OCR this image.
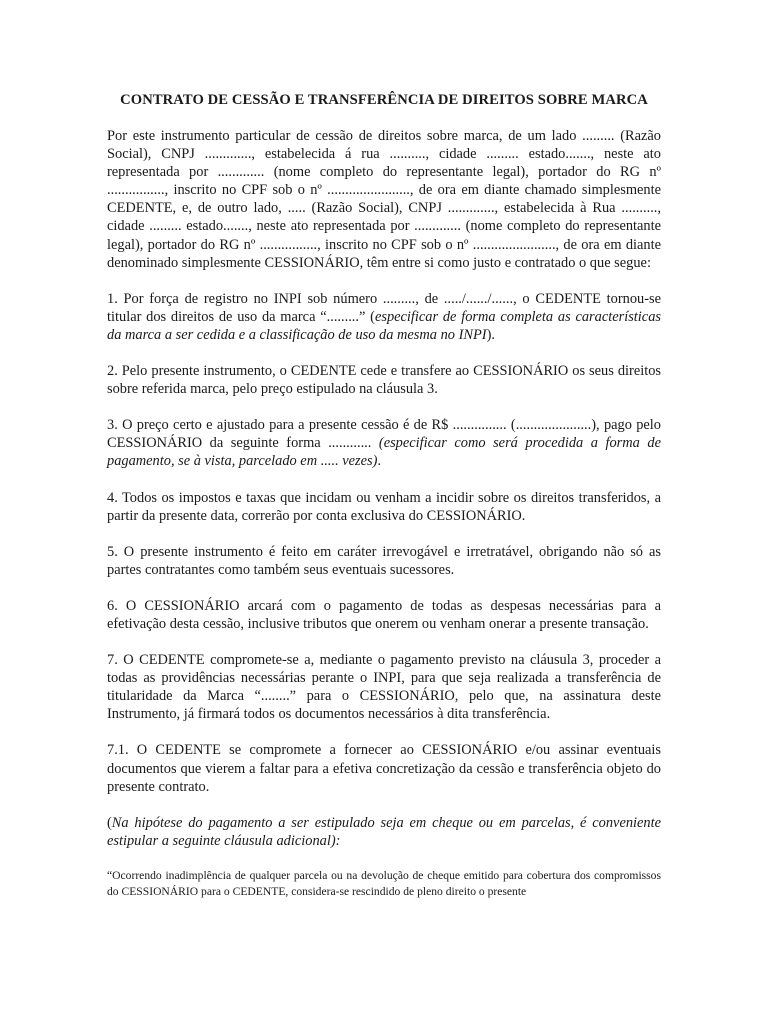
CONTRATO DE CESSÃO E TRANSFERÊNCIA DE DIREITOS SOBRE MARCA

Por este instrumento particular de cessão de direitos sobre marca, de um lado ......... (Razão Social), CNPJ ............., estabelecida á rua .........., cidade ......... estado......., neste ato representada por ............. (nome completo do representante legal), portador do RG nº ................, inscrito no CPF sob o nº ......................., de ora em diante chamado simplesmente CEDENTE, e, de outro lado, ..... (Razão Social), CNPJ ............., estabelecida à Rua .........., cidade ......... estado......., neste ato representada por ............. (nome completo do representante legal), portador do RG nº ................, inscrito no CPF sob o nº ......................., de ora em diante denominado simplesmente CESSIONÁRIO, têm entre si como justo e contratado o que segue:

1. Por força de registro no INPI sob número ........., de ...../....../......, o CEDENTE tornou-se titular dos direitos de uso da marca “.........” (especificar de forma completa as características da marca a ser cedida e a classificação de uso da mesma no INPI).

2. Pelo presente instrumento, o CEDENTE cede e transfere ao CESSIONÁRIO os seus direitos sobre referida marca, pelo preço estipulado na cláusula 3.

3. O preço certo e ajustado para a presente cessão é de R$ ............... (.....................), pago pelo CESSIONÁRIO da seguinte forma ............ (especificar como será procedida a forma de pagamento, se à vista, parcelado em ..... vezes).

4. Todos os impostos e taxas que incidam ou venham a incidir sobre os direitos transferidos, a partir da presente data, correrão por conta exclusiva do CESSIONÁRIO.

5. O presente instrumento é feito em caráter irrevogável e irretratável, obrigando não só as partes contratantes como também seus eventuais sucessores.

6. O CESSIONÁRIO arcará com o pagamento de todas as despesas necessárias para a efetivação desta cessão, inclusive tributos que onerem ou venham onerar a presente transação.

7. O CEDENTE compromete-se a, mediante o pagamento previsto na cláusula 3, proceder a todas as providências necessárias perante o INPI, para que seja realizada a transferência de titularidade da Marca “........” para o CESSIONÁRIO, pelo que, na assinatura deste Instrumento, já firmará todos os documentos necessários à dita transferência.

7.1. O CEDENTE se compromete a fornecer ao CESSIONÁRIO e/ou assinar eventuais documentos que vierem a faltar para a efetiva concretização da cessão e transferência objeto do presente contrato.

(Na hipótese do pagamento a ser estipulado seja em cheque ou em parcelas, é conveniente estipular a seguinte cláusula adicional):

“Ocorrendo inadimplência de qualquer parcela ou na devolução de cheque emitido para cobertura dos compromissos do CESSIONÁRIO para o CEDENTE, considera-se rescindido de pleno direito o presente
